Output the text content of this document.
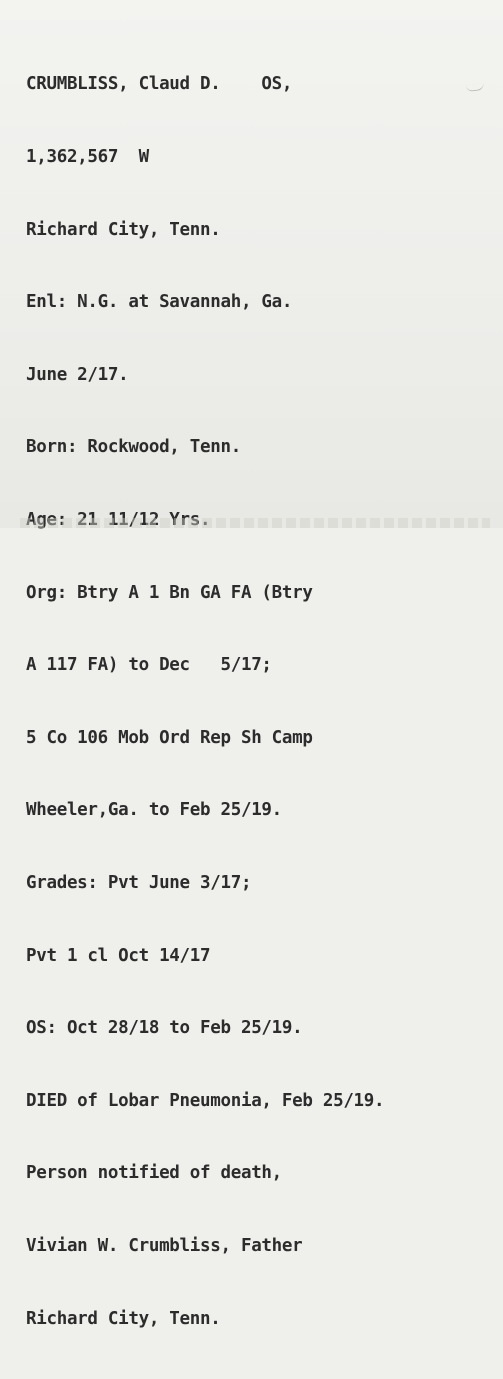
CRUMBLISS, Claud D.    OS,

1,362,567  W

Richard City, Tenn.

Enl: N.G. at Savannah, Ga.

June 2/17.

Born: Rockwood, Tenn.

Age: 21 11/12 Yrs.

Org: Btry A 1 Bn GA FA (Btry

A 117 FA) to Dec   5/17;

5 Co 106 Mob Ord Rep Sh Camp

Wheeler,Ga. to Feb 25/19.

Grades: Pvt June 3/17;

Pvt 1 cl Oct 14/17

OS: Oct 28/18 to Feb 25/19.

DIED of Lobar Pneumonia, Feb 25/19.

Person notified of death,

Vivian W. Crumbliss, Father

Richard City, Tenn.
